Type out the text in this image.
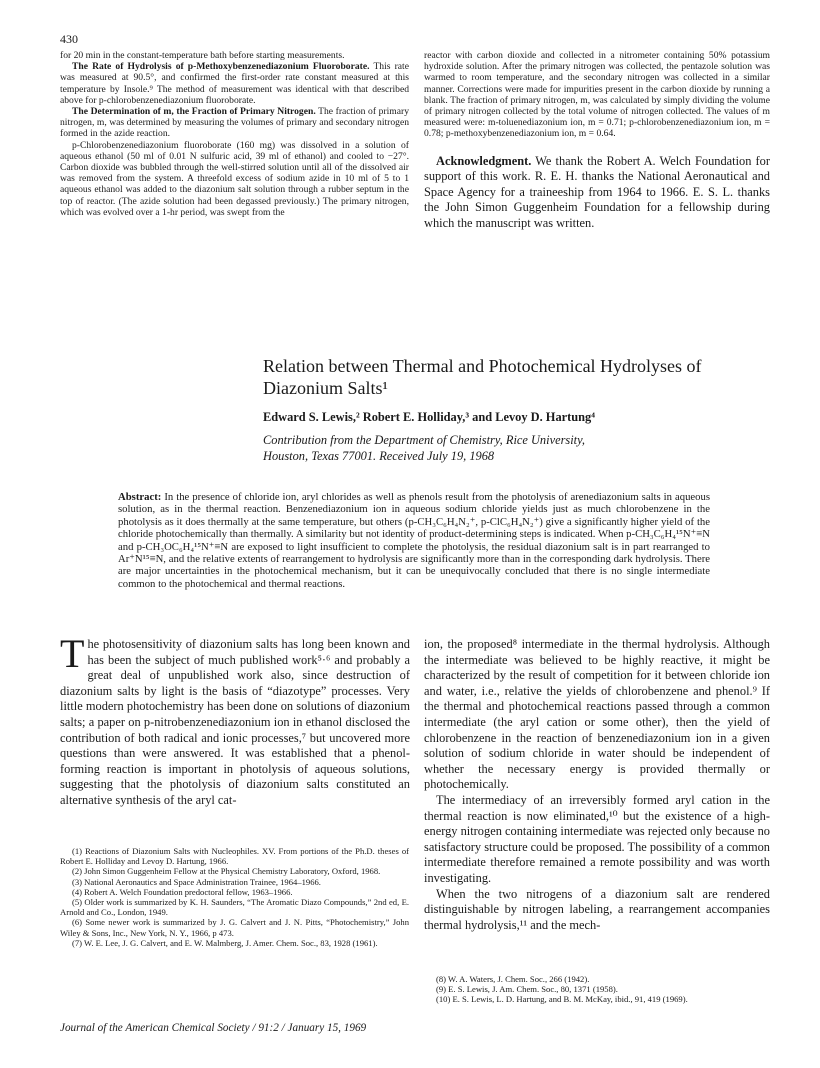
430

for 20 min in the constant-temperature bath before starting measurements.

The Rate of Hydrolysis of p-Methoxybenzenediazonium Fluoroborate. This rate was measured at 90.5°, and confirmed the first-order rate constant measured at this temperature by Insole.⁹ The method of measurement was identical with that described above for p-chlorobenzenediazonium fluoroborate.

The Determination of m, the Fraction of Primary Nitrogen. The fraction of primary nitrogen, m, was determined by measuring the volumes of primary and secondary nitrogen formed in the azide reaction.

p-Chlorobenzenediazonium fluoroborate (160 mg) was dissolved in a solution of aqueous ethanol (50 ml of 0.01 N sulfuric acid, 39 ml of ethanol) and cooled to −27°. Carbon dioxide was bubbled through the well-stirred solution until all of the dissolved air was removed from the system. A threefold excess of sodium azide in 10 ml of 5 to 1 aqueous ethanol was added to the diazonium salt solution through a rubber septum in the top of reactor. (The azide solution had been degassed previously.) The primary nitrogen, which was evolved over a 1-hr period, was swept from the

reactor with carbon dioxide and collected in a nitrometer containing 50% potassium hydroxide solution. After the primary nitrogen was collected, the pentazole solution was warmed to room temperature, and the secondary nitrogen was collected in a similar manner. Corrections were made for impurities present in the carbon dioxide by running a blank. The fraction of primary nitrogen, m, was calculated by simply dividing the volume of primary nitrogen collected by the total volume of nitrogen collected. The values of m measured were: m-toluenediazonium ion, m = 0.71; p-chlorobenzenediazonium ion, m = 0.78; p-methoxybenzenediazonium ion, m = 0.64.

Acknowledgment. We thank the Robert A. Welch Foundation for support of this work. R. E. H. thanks the National Aeronautical and Space Agency for a traineeship from 1964 to 1966. E. S. L. thanks the John Simon Guggenheim Foundation for a fellowship during which the manuscript was written.

Relation between Thermal and Photochemical Hydrolyses of
Diazonium Salts¹
Edward S. Lewis,² Robert E. Holliday,³ and Levoy D. Hartung⁴
Contribution from the Department of Chemistry, Rice University,
Houston, Texas 77001. Received July 19, 1968
Abstract: In the presence of chloride ion, aryl chlorides as well as phenols result from the photolysis of arenediazonium salts in aqueous solution, as in the thermal reaction. Benzenediazonium ion in aqueous sodium chloride yields just as much chlorobenzene in the photolysis as it does thermally at the same temperature, but others (p-CH₃C₆H₄N₂⁺, p-ClC₆H₄N₂⁺) give a significantly higher yield of the chloride photochemically than thermally. A similarity but not identity of product-determining steps is indicated. When p-CH₃C₆H₄¹⁵N⁺≡N and p-CH₃OC₆H₄¹⁵N⁺≡N are exposed to light insufficient to complete the photolysis, the residual diazonium salt is in part rearranged to Ar⁺N¹⁵≡N, and the relative extents of rearrangement to hydrolysis are significantly more than in the corresponding dark hydrolysis. There are major uncertainties in the photochemical mechanism, but it can be unequivocally concluded that there is no single intermediate common to the photochemical and thermal reactions.

The photosensitivity of diazonium salts has long been known and has been the subject of much published work⁵·⁶ and probably a great deal of unpublished work also, since destruction of diazonium salts by light is the basis of “diazotype” processes. Very little modern photochemistry has been done on solutions of diazonium salts; a paper on p-nitrobenzenediazonium ion in ethanol disclosed the contribution of both radical and ionic processes,⁷ but uncovered more questions than were answered. It was established that a phenol-forming reaction is important in photolysis of aqueous solutions, suggesting that the photolysis of diazonium salts constituted an alternative synthesis of the aryl cat-

(1) Reactions of Diazonium Salts with Nucleophiles. XV. From portions of the Ph.D. theses of Robert E. Holliday and Levoy D. Hartung, 1966.

(2) John Simon Guggenheim Fellow at the Physical Chemistry Laboratory, Oxford, 1968.

(3) National Aeronautics and Space Administration Trainee, 1964–1966.

(4) Robert A. Welch Foundation predoctoral fellow, 1963–1966.

(5) Older work is summarized by K. H. Saunders, “The Aromatic Diazo Compounds,” 2nd ed, E. Arnold and Co., London, 1949.

(6) Some newer work is summarized by J. G. Calvert and J. N. Pitts, “Photochemistry,” John Wiley & Sons, Inc., New York, N. Y., 1966, p 473.

(7) W. E. Lee, J. G. Calvert, and E. W. Malmberg, J. Amer. Chem. Soc., 83, 1928 (1961).

ion, the proposed⁸ intermediate in the thermal hydrolysis. Although the intermediate was believed to be highly reactive, it might be characterized by the result of competition for it between chloride ion and water, i.e., relative the yields of chlorobenzene and phenol.⁹ If the thermal and photochemical reactions passed through a common intermediate (the aryl cation or some other), then the yield of chlorobenzene in the reaction of benzenediazonium ion in a given solution of sodium chloride in water should be independent of whether the necessary energy is provided thermally or photochemically.

The intermediacy of an irreversibly formed aryl cation in the thermal reaction is now eliminated,¹⁰ but the existence of a high-energy nitrogen containing intermediate was rejected only because no satisfactory structure could be proposed. The possibility of a common intermediate therefore remained a remote possibility and was worth investigating.

When the two nitrogens of a diazonium salt are rendered distinguishable by nitrogen labeling, a rearrangement accompanies thermal hydrolysis,¹¹ and the mech-

(8) W. A. Waters, J. Chem. Soc., 266 (1942).

(9) E. S. Lewis, J. Am. Chem. Soc., 80, 1371 (1958).

(10) E. S. Lewis, L. D. Hartung, and B. M. McKay, ibid., 91, 419 (1969).

Journal of the American Chemical Society / 91:2 / January 15, 1969
